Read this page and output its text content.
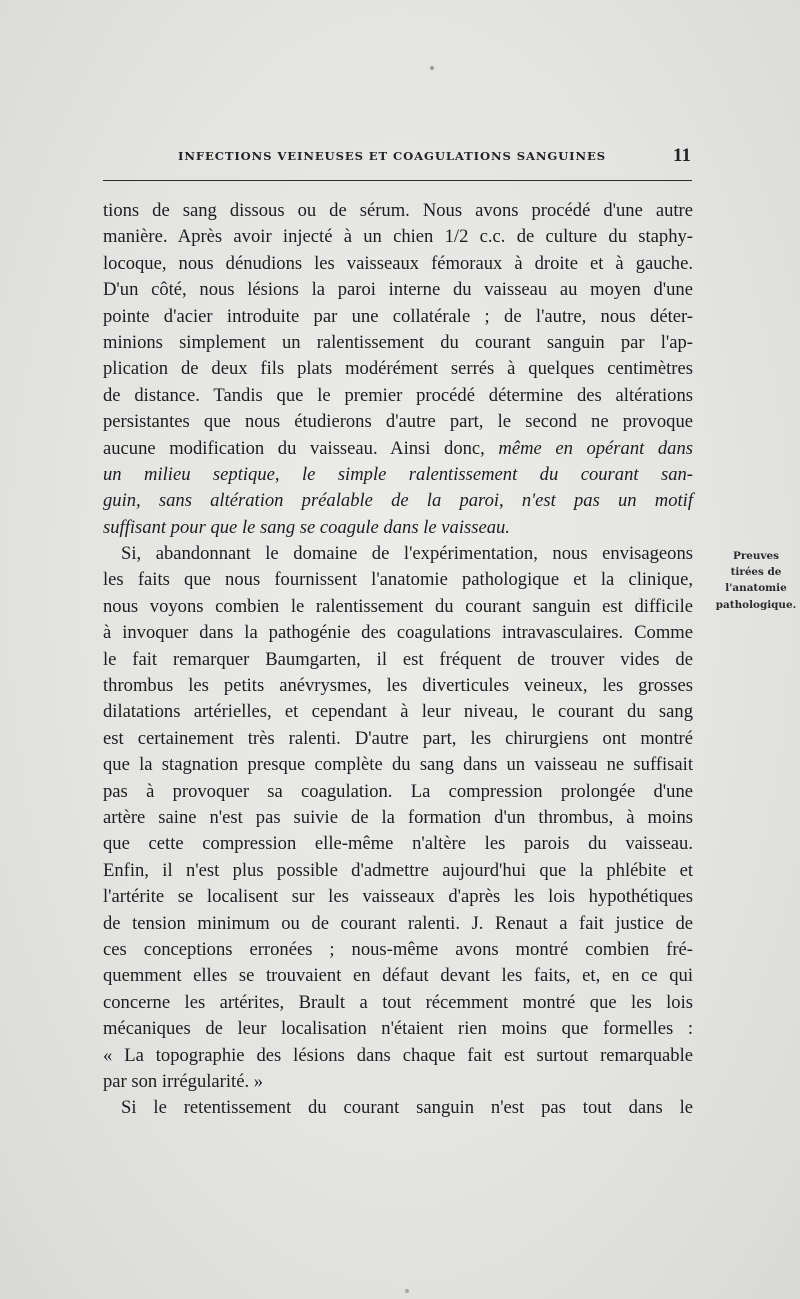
INFECTIONS VEINEUSES ET COAGULATIONS SANGUINES	11
tions de sang dissous ou de sérum. Nous avons procédé d'une autre
manière. Après avoir injecté à un chien 1/2 c.c. de culture du staphy-
locoque, nous dénudions les vaisseaux fémoraux à droite et à gauche.
D'un côté, nous lésions la paroi interne du vaisseau au moyen d'une
pointe d'acier introduite par une collatérale ; de l'autre, nous déter-
minions simplement un ralentissement du courant sanguin par l'ap-
plication de deux fils plats modérément serrés à quelques centimètres
de distance. Tandis que le premier procédé détermine des altérations
persistantes que nous étudierons d'autre part, le second ne provoque
aucune modification du vaisseau. Ainsi donc, même en opérant dans
un milieu septique, le simple ralentissement du courant san-
guin, sans altération préalable de la paroi, n'est pas un motif
suffisant pour que le sang se coagule dans le vaisseau.
Si, abandonnant le domaine de l'expérimentation, nous envisageons
les faits que nous fournissent l'anatomie pathologique et la clinique,
nous voyons combien le ralentissement du courant sanguin est difficile
à invoquer dans la pathogénie des coagulations intravasculaires. Comme
le fait remarquer Baumgarten, il est fréquent de trouver vides de
thrombus les petits anévrysmes, les diverticules veineux, les grosses
dilatations artérielles, et cependant à leur niveau, le courant du sang
est certainement très ralenti. D'autre part, les chirurgiens ont montré
que la stagnation presque complète du sang dans un vaisseau ne suffisait
pas à provoquer sa coagulation. La compression prolongée d'une
artère saine n'est pas suivie de la formation d'un thrombus, à moins
que cette compression elle-même n'altère les parois du vaisseau.
Enfin, il n'est plus possible d'admettre aujourd'hui que la phlébite et
l'artérite se localisent sur les vaisseaux d'après les lois hypothétiques
de tension minimum ou de courant ralenti. J. Renaut a fait justice de
ces conceptions erronées ; nous-même avons montré combien fré-
quemment elles se trouvaient en défaut devant les faits, et, en ce qui
concerne les artérites, Brault a tout récemment montré que les lois
mécaniques de leur localisation n'étaient rien moins que formelles :
« La topographie des lésions dans chaque fait est surtout remarquable
par son irrégularité. »
Si le retentissement du courant sanguin n'est pas tout dans le
Preuves
tirées de
l'anatomie
pathologique.
